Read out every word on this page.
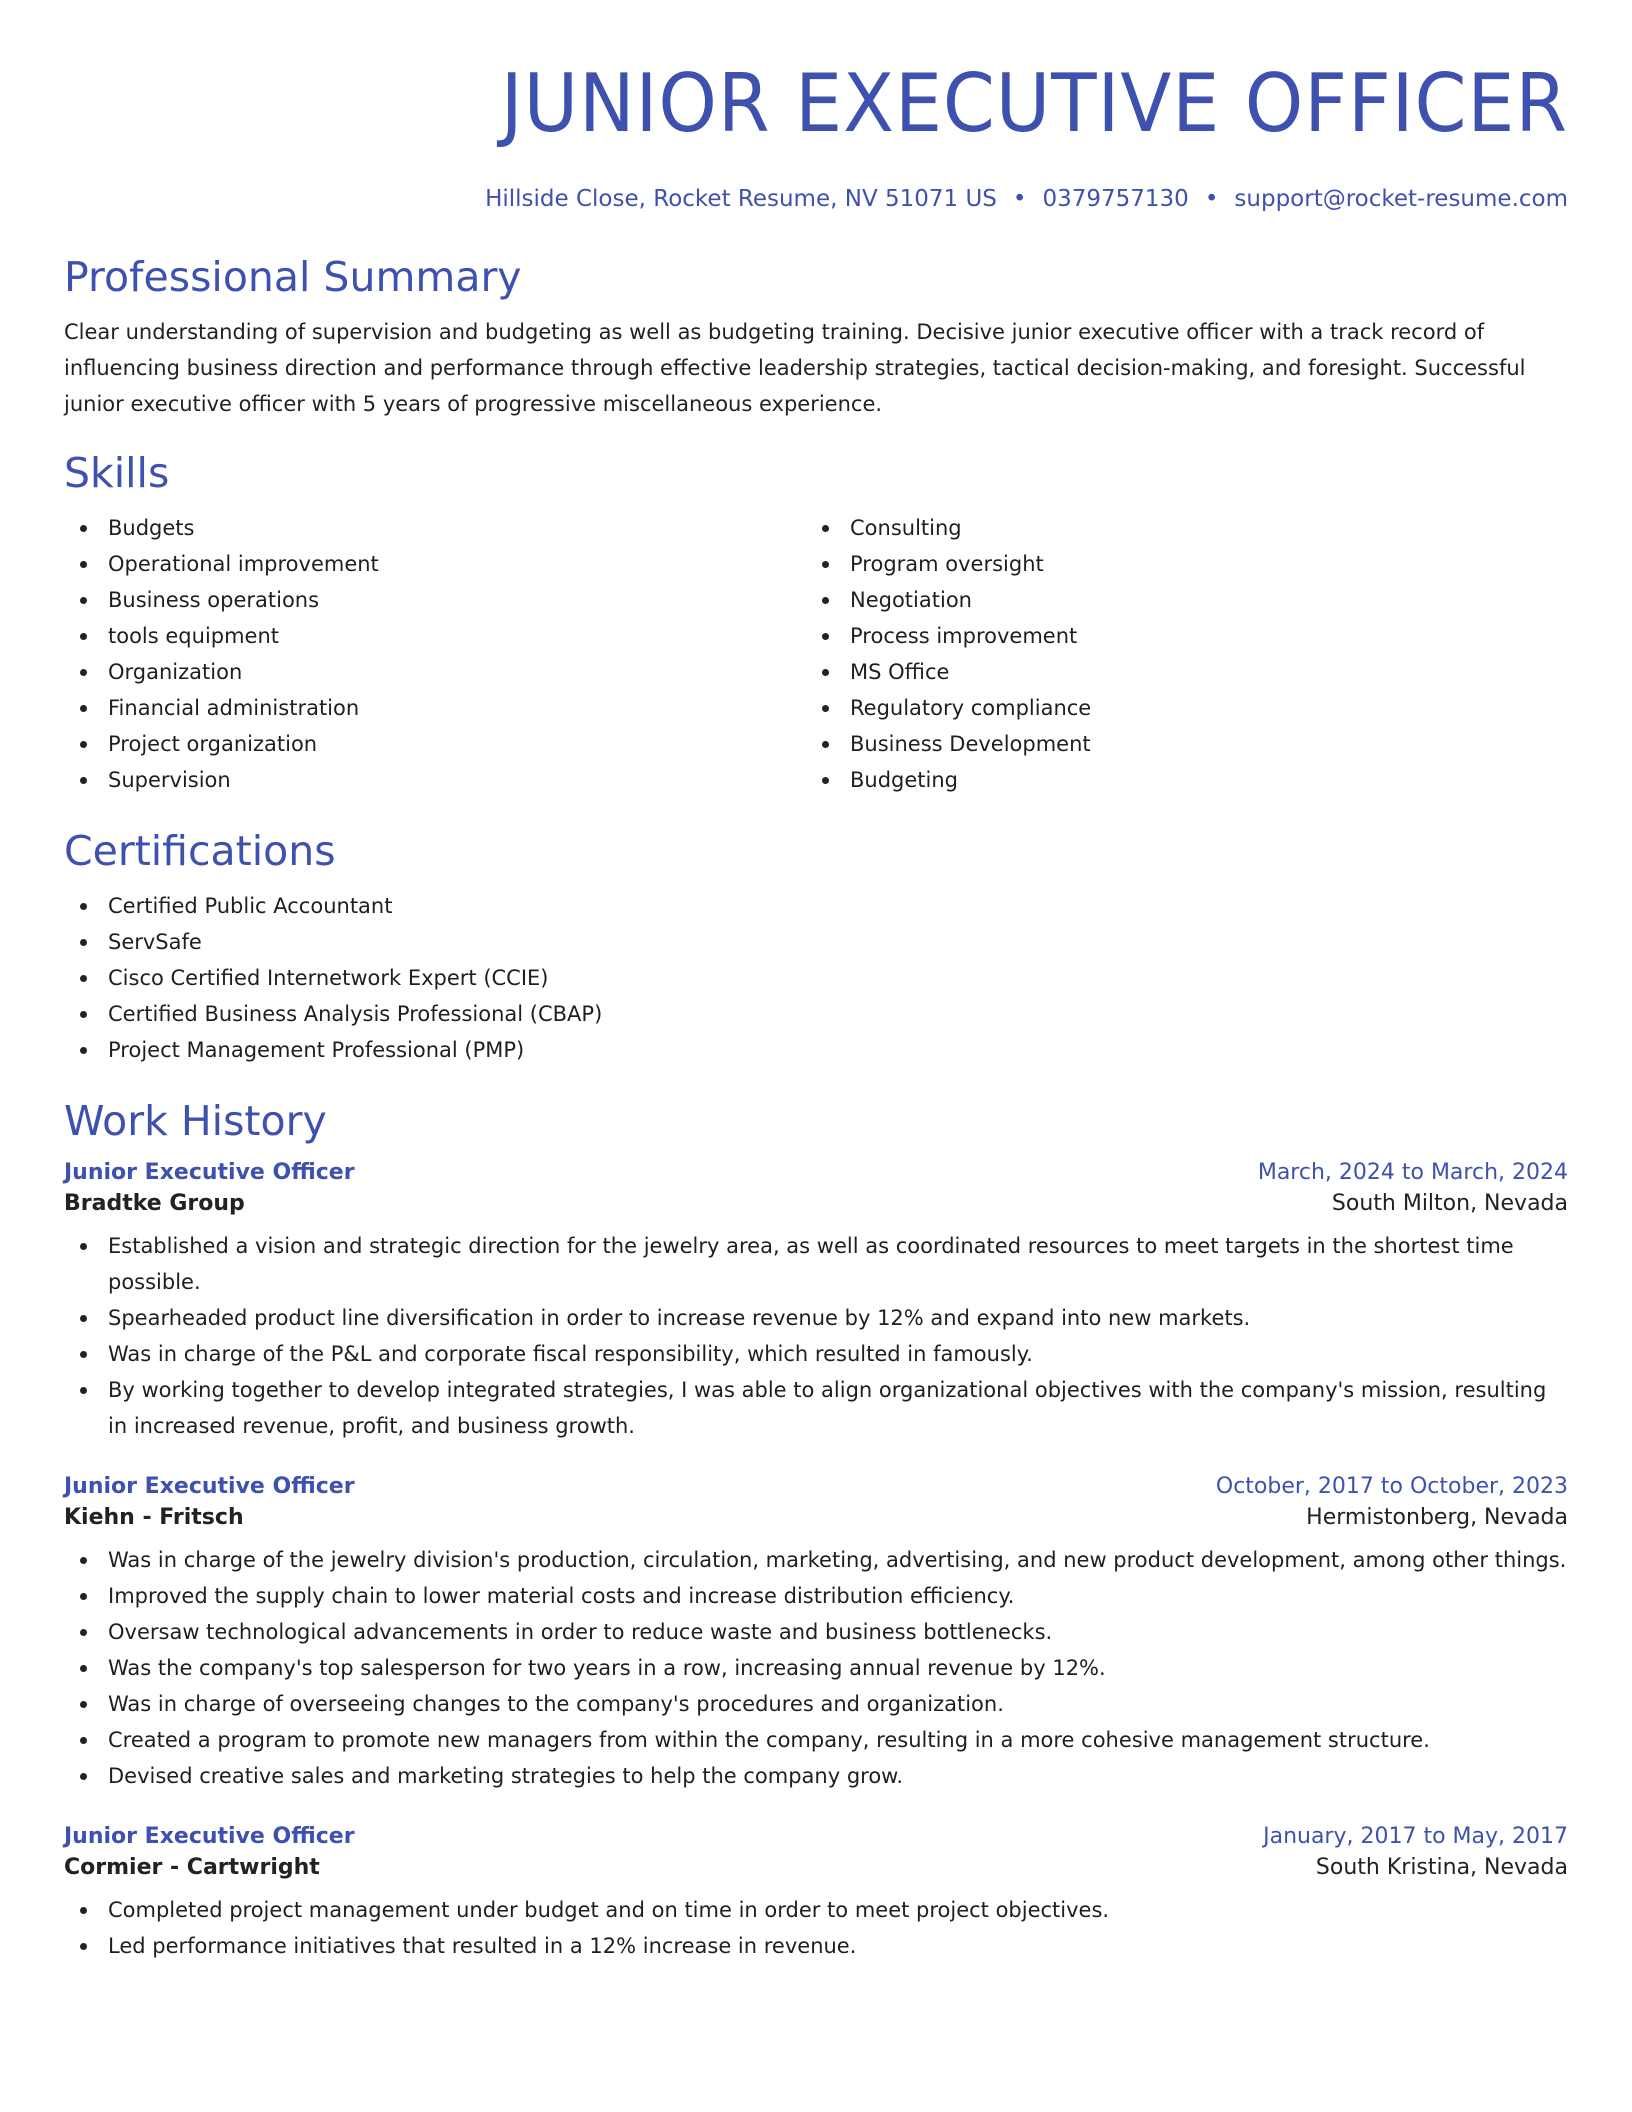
JUNIOR EXECUTIVE OFFICER
Hillside Close, Rocket Resume, NV 51071 US • 0379757130 • support@rocket-resume.com
Professional Summary
Clear understanding of supervision and budgeting as well as budgeting training. Decisive junior executive officer with a track record of influencing business direction and performance through effective leadership strategies, tactical decision-making, and foresight. Successful junior executive officer with 5 years of progressive miscellaneous experience.
Skills
Budgets
Operational improvement
Business operations
tools equipment
Organization
Financial administration
Project organization
Supervision
Consulting
Program oversight
Negotiation
Process improvement
MS Office
Regulatory compliance
Business Development
Budgeting
Certifications
Certified Public Accountant
ServSafe
Cisco Certified Internetwork Expert (CCIE)
Certified Business Analysis Professional (CBAP)
Project Management Professional (PMP)
Work History
Junior Executive Officer	March, 2024 to March, 2024
Bradtke Group	South Milton, Nevada
Established a vision and strategic direction for the jewelry area, as well as coordinated resources to meet targets in the shortest time possible.
Spearheaded product line diversification in order to increase revenue by 12% and expand into new markets.
Was in charge of the P&L and corporate fiscal responsibility, which resulted in famously.
By working together to develop integrated strategies, I was able to align organizational objectives with the company's mission, resulting in increased revenue, profit, and business growth.
Junior Executive Officer	October, 2017 to October, 2023
Kiehn - Fritsch	Hermistonberg, Nevada
Was in charge of the jewelry division's production, circulation, marketing, advertising, and new product development, among other things.
Improved the supply chain to lower material costs and increase distribution efficiency.
Oversaw technological advancements in order to reduce waste and business bottlenecks.
Was the company's top salesperson for two years in a row, increasing annual revenue by 12%.
Was in charge of overseeing changes to the company's procedures and organization.
Created a program to promote new managers from within the company, resulting in a more cohesive management structure.
Devised creative sales and marketing strategies to help the company grow.
Junior Executive Officer	January, 2017 to May, 2017
Cormier - Cartwright	South Kristina, Nevada
Completed project management under budget and on time in order to meet project objectives.
Led performance initiatives that resulted in a 12% increase in revenue.
